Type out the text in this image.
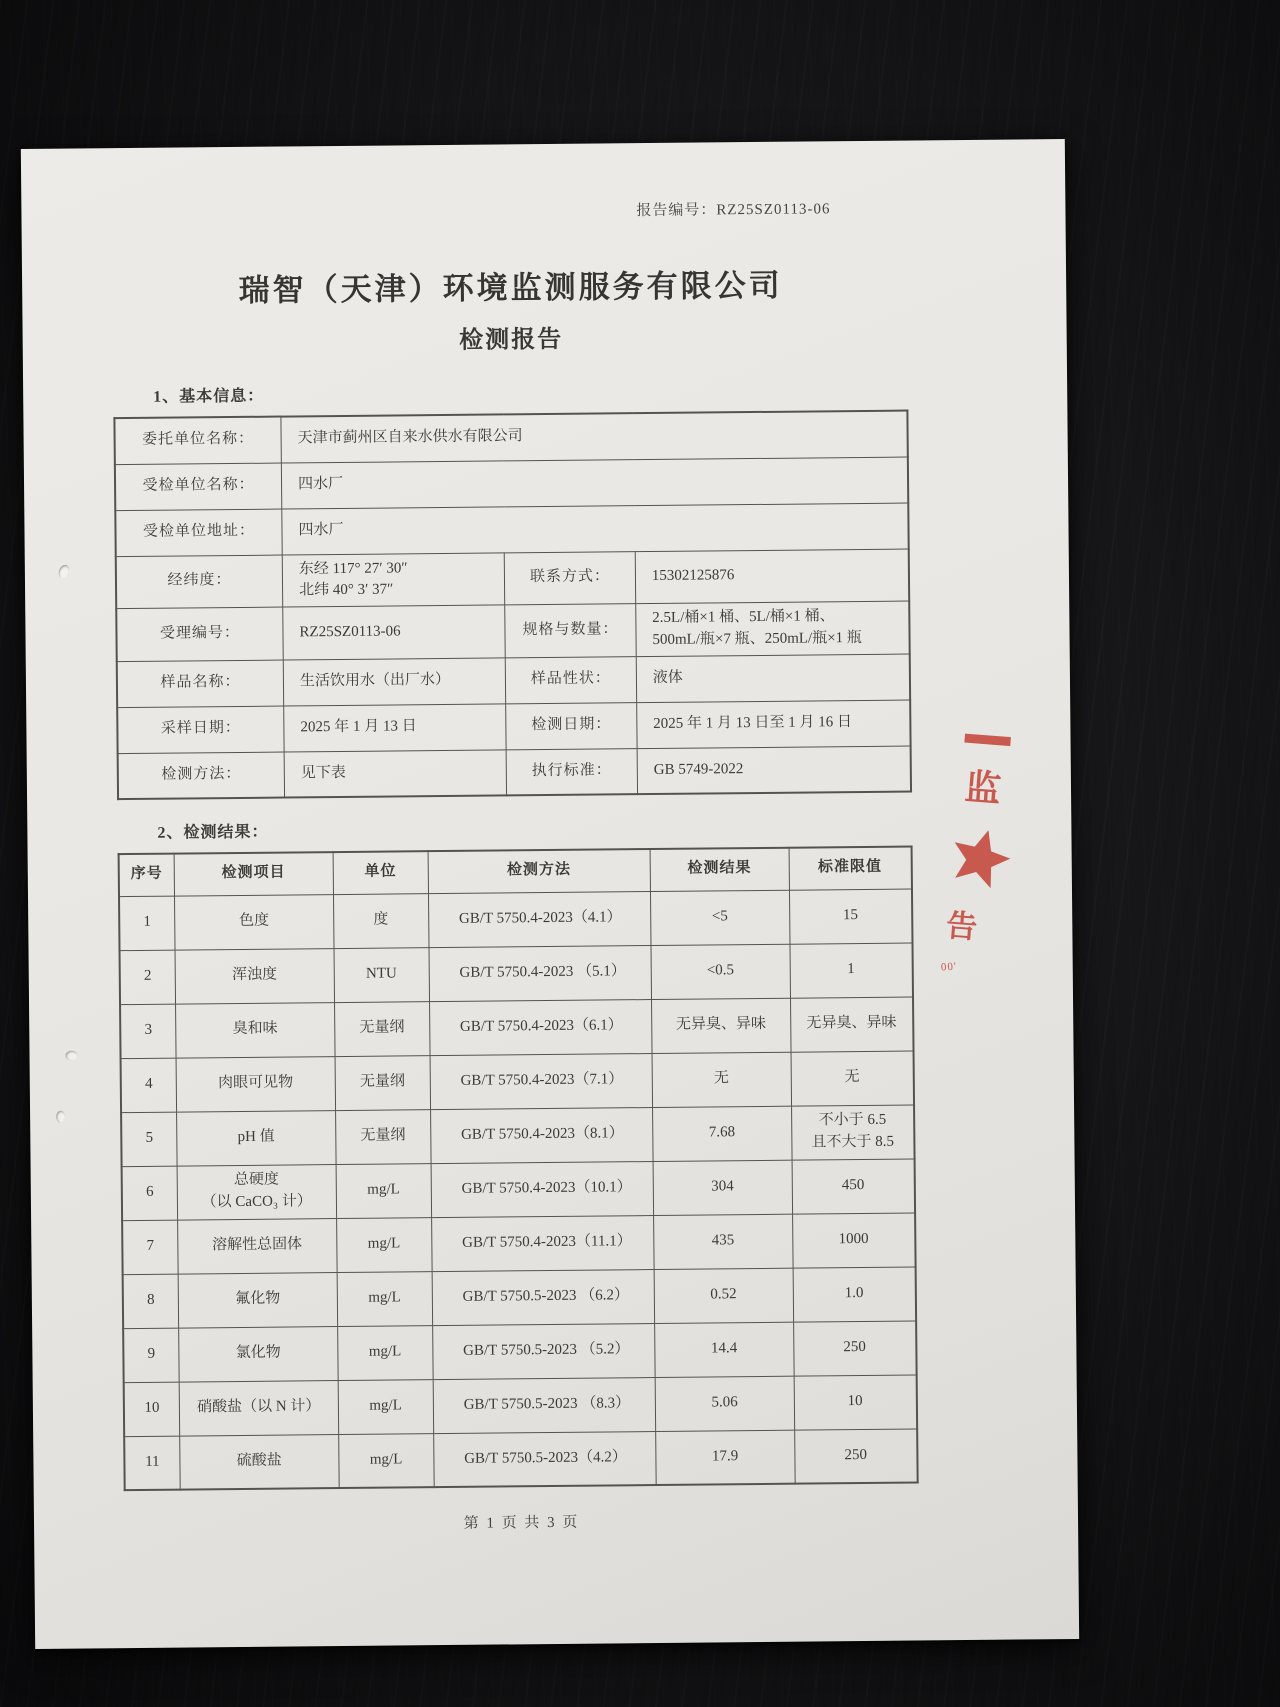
报告编号：RZ25SZ0113-06
瑞智（天津）环境监测服务有限公司
检测报告
1、基本信息：
委托单位名称：	天津市蓟州区自来水供水有限公司		
受检单位名称：	四水厂		
受检单位地址：	四水厂		
经纬度：	东经 117° 27′ 30″
北纬 40° 3′ 37″	联系方式：	15302125876
受理编号：	RZ25SZ0113-06	规格与数量：	2.5L/桶×1 桶、5L/桶×1 桶、
500mL/瓶×7 瓶、250mL/瓶×1 瓶
样品名称：	生活饮用水（出厂水）	样品性状：	液体
采样日期：	2025 年 1 月 13 日	检测日期：	2025 年 1 月 13 日至 1 月 16 日
检测方法：	见下表	执行标准：	GB 5749-2022
2、检测结果：
序号	检测项目	单位	检测方法	检测结果	标准限值
1	色度	度	GB/T 5750.4-2023（4.1）	<5	15
2	浑浊度	NTU	GB/T 5750.4-2023 （5.1）	<0.5	1
3	臭和味	无量纲	GB/T 5750.4-2023（6.1）	无异臭、异味	无异臭、异味
4	肉眼可见物	无量纲	GB/T 5750.4-2023（7.1）	无	无
5	pH 值	无量纲	GB/T 5750.4-2023（8.1）	7.68	不小于 6.5
且不大于 8.5
6	总硬度
（以 CaCO₃ 计）	mg/L	GB/T 5750.4-2023（10.1）	304	450
7	溶解性总固体	mg/L	GB/T 5750.4-2023（11.1）	435	1000
8	氟化物	mg/L	GB/T 5750.5-2023 （6.2）	0.52	1.0
9	氯化物	mg/L	GB/T 5750.5-2023 （5.2）	14.4	250
10	硝酸盐（以 N 计）	mg/L	GB/T 5750.5-2023 （8.3）	5.06	10
11	硫酸盐	mg/L	GB/T 5750.5-2023（4.2）	17.9	250
第 1 页 共 3 页
监
告
00'
